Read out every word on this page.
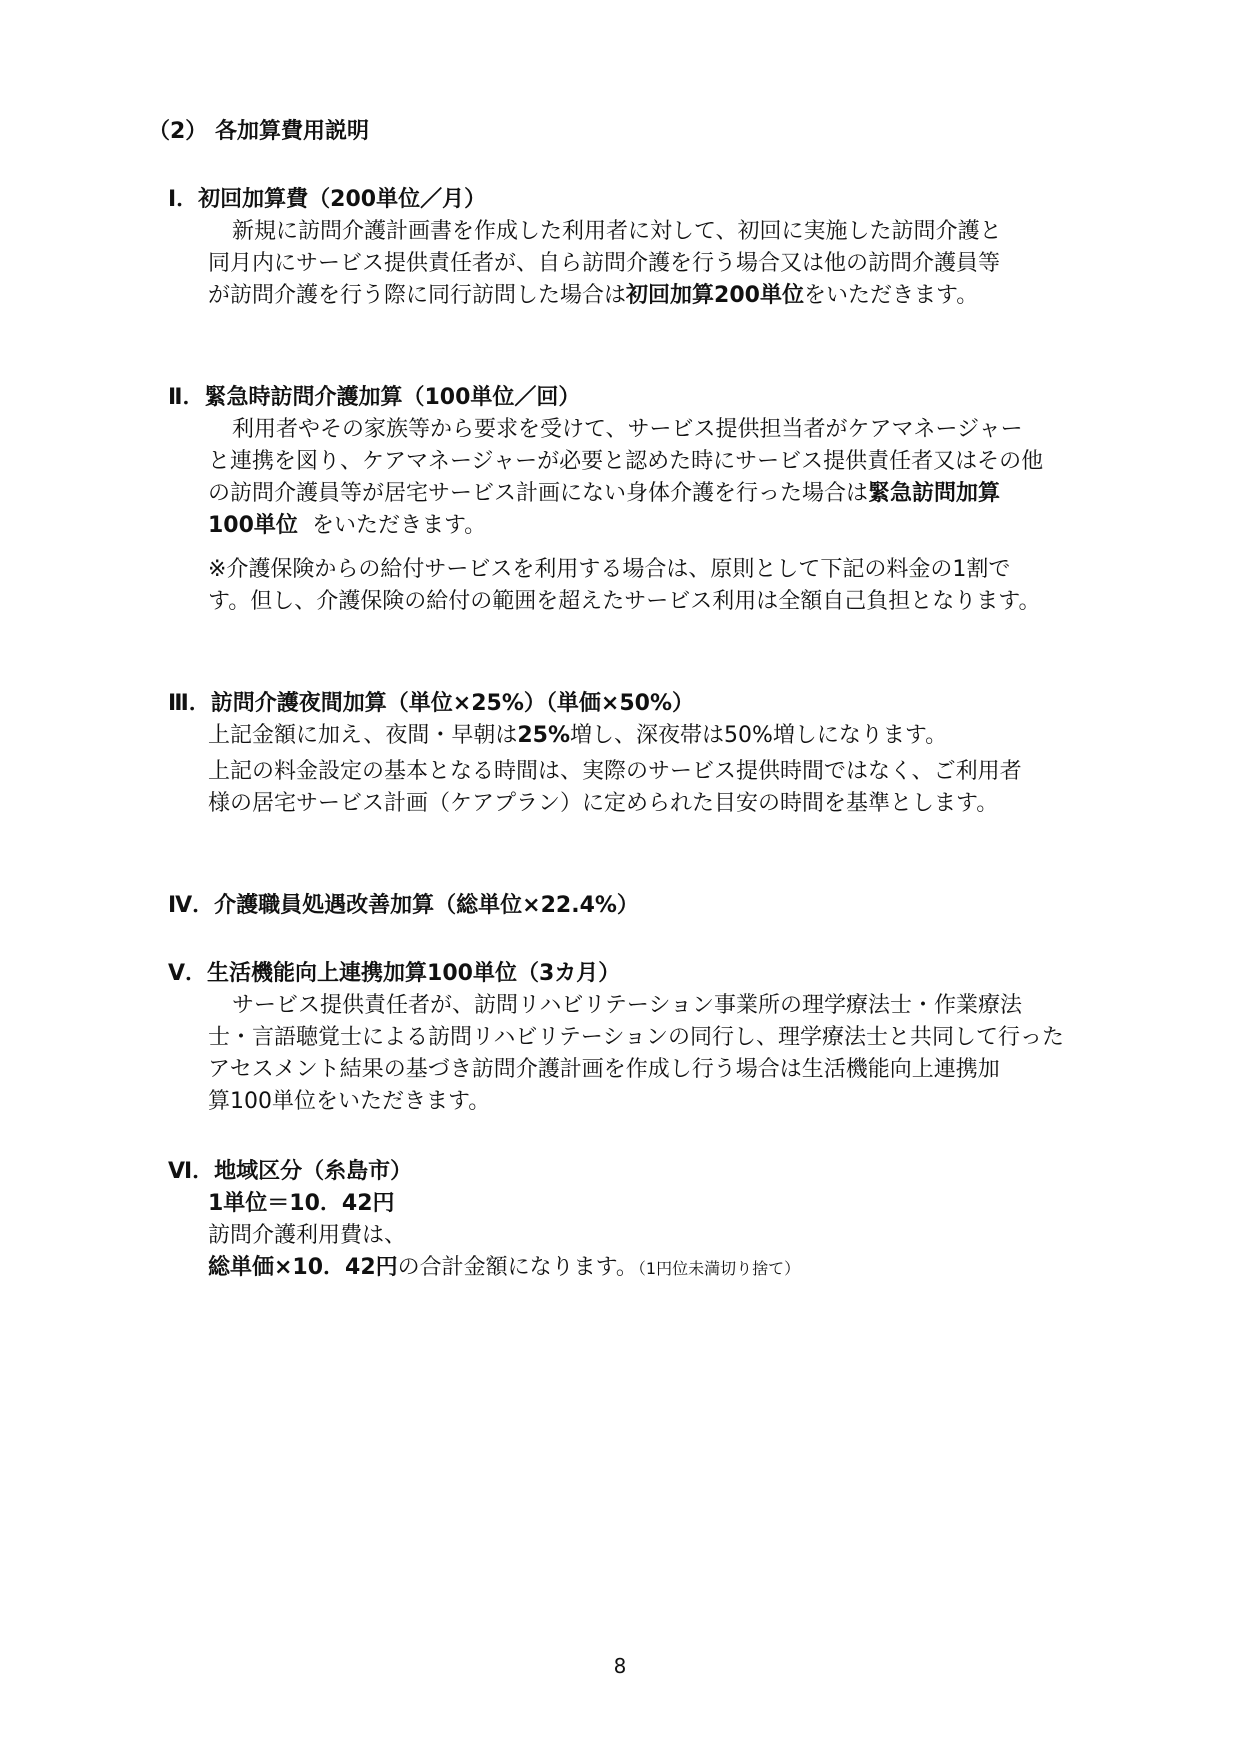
（2） 各加算費用説明
Ⅰ．初回加算費（200単位／月）
新規に訪問介護計画書を作成した利用者に対して、初回に実施した訪問介護と
同月内にサービス提供責任者が、自ら訪問介護を行う場合又は他の訪問介護員等
が訪問介護を行う際に同行訪問した場合は初回加算200単位をいただきます。
Ⅱ．緊急時訪問介護加算（100単位／回）
利用者やその家族等から要求を受けて、サービス提供担当者がケアマネージャー
と連携を図り、ケアマネージャーが必要と認めた時にサービス提供責任者又はその他
の訪問介護員等が居宅サービス計画にない身体介護を行った場合は緊急訪問加算
100単位 をいただきます。
※介護保険からの給付サービスを利用する場合は、原則として下記の料金の1割で
す。但し、介護保険の給付の範囲を超えたサービス利用は全額自己負担となります。
Ⅲ．訪問介護夜間加算（単位×25%）（単価×50%）
上記金額に加え、夜間・早朝は25%増し、深夜帯は50%増しになります。
上記の料金設定の基本となる時間は、実際のサービス提供時間ではなく、ご利用者
様の居宅サービス計画（ケアプラン）に定められた目安の時間を基準とします。
Ⅳ．介護職員処遇改善加算（総単位×22.4%）
Ⅴ．生活機能向上連携加算100単位（3カ月）
サービス提供責任者が、訪問リハビリテーション事業所の理学療法士・作業療法
士・言語聴覚士による訪問リハビリテーションの同行し、理学療法士と共同して行った
アセスメント結果の基づき訪問介護計画を作成し行う場合は生活機能向上連携加
算100単位をいただきます。
Ⅵ．地域区分（糸島市）
1単位＝10．42円
訪問介護利用費は、
総単価×10．42円の合計金額になります。（1円位未満切り捨て）
8
